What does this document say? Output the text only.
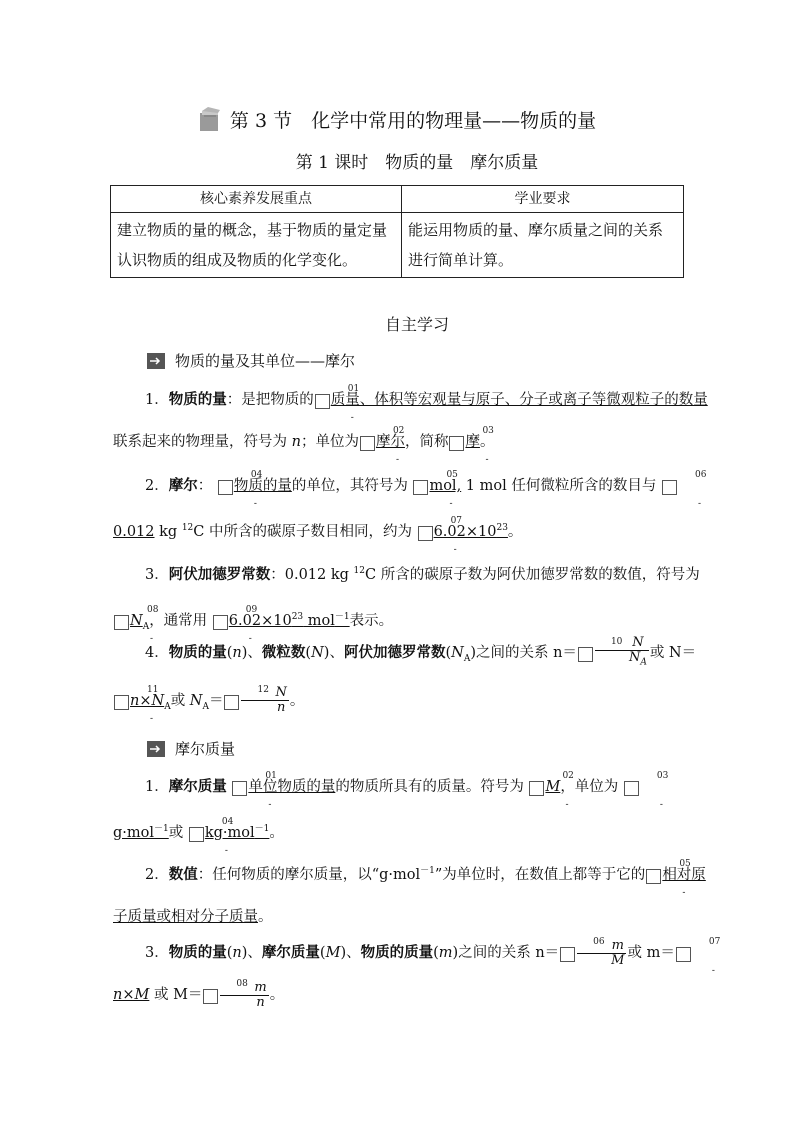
第 3 节　化学中常用的物理量——物质的量
第 1 课时　物质的量　摩尔质量
核心素养发展重点	学业要求
建立物质的量的概念，基于物质的量定量认识物质的组成及物质的化学变化。	能运用物质的量、摩尔质量之间的关系进行简单计算。
自主学习
物质的量及其单位——摩尔
1．物质的量：是把物质的
01
-
质量、体积等宏观量与原子、分子或离子等微观粒子的数量联系起来的物理量，符号为 n；单位为
02
-
摩尔，简称
03
-
摩。
2．摩尔：
04
-
物质的量的单位，其符号为
05
-
mol, 1 mol 任何微粒所含的数目与
06
-
0.012 kg $^{12}$C 中所含的碳原子数目相同，约为
07
-
$6.02\times 10^{23}$。
3．阿伏加德罗常数：0.012 kg $^{12}$C 所含的碳原子数为阿伏加德罗常数的数值，符号为
08
-
$N_A$，通常用
09
-
$6.02\times 10^{23}$ mol$^{-1}$表示。
4．物质的量(n)、微粒数(N)、阿伏加德罗常数$(N_A)$之间的关系 n＝
10
$\frac{N}{N_A}$ 或 N＝

11
-
$n\times N_A$或 $N_A=$
12
$\frac{N}{n}$ 。
摩尔质量
1．摩尔质量
01
-
单位物质的量的物质所具有的质量。符号为
02
-
M，单位为
03
-

g·mol$^{-1}$或
04
-
kg·mol$^{-1}$。
2．数值：任何物质的摩尔质量，以“g·mol$^{-1}$”为单位时，在数值上都等于它的
05
-
相对原子质量或相对分子质量。
3．物质的量(n)、摩尔质量(M)、物质的质量(m)之间的关系 n＝
06
$\frac{m}{M}$ 或 m＝
07
-

n×M 或 M＝
08
$\frac{m}{n}$ 。
